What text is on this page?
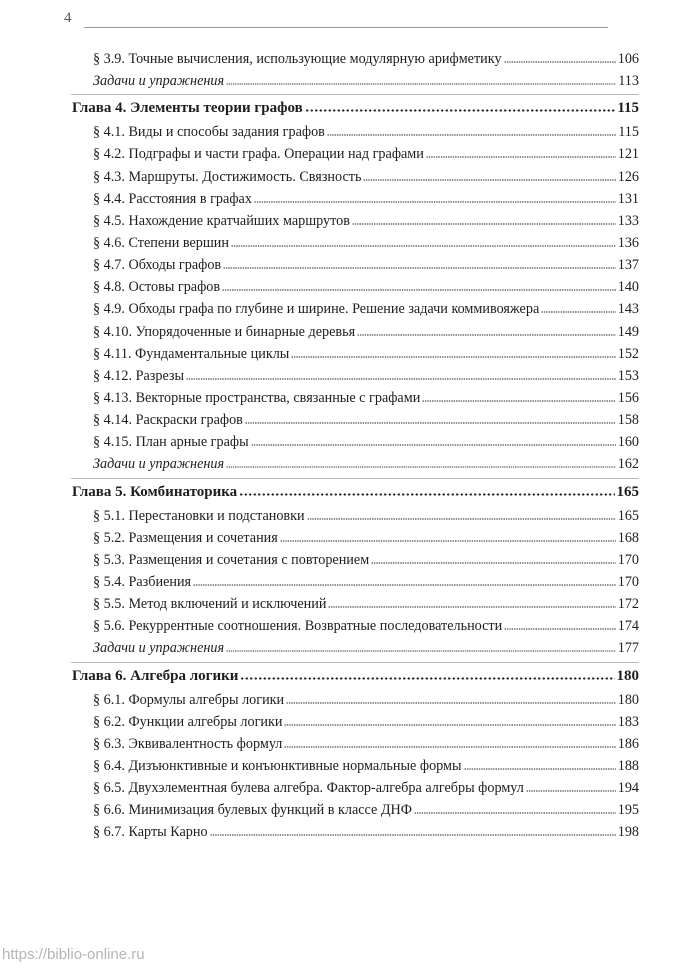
4
§ 3.9. Точные вычисления, использующие модулярную арифметику	106
Задачи и упражнения	113
Глава 4. Элементы теории графов	115
§ 4.1. Виды и способы задания графов	115
§ 4.2. Подграфы и части графа. Операции над графами	121
§ 4.3. Маршруты. Достижимость. Связность	126
§ 4.4. Расстояния в графах	131
§ 4.5. Нахождение кратчайших маршрутов	133
§ 4.6. Степени вершин	136
§ 4.7. Обходы графов	137
§ 4.8. Остовы графов	140
§ 4.9. Обходы графа по глубине и ширине. Решение задачи коммивояжера	143
§ 4.10. Упорядоченные и бинарные деревья	149
§ 4.11. Фундаментальные циклы	152
§ 4.12. Разрезы	153
§ 4.13. Векторные пространства, связанные с графами	156
§ 4.14. Раскраски графов	158
§ 4.15. План арные графы	160
Задачи и упражнения	162
Глава 5. Комбинаторика	165
§ 5.1. Перестановки и подстановки	165
§ 5.2. Размещения и сочетания	168
§ 5.3. Размещения и сочетания с повторением	170
§ 5.4. Разбиения	170
§ 5.5. Метод включений и исключений	172
§ 5.6. Рекуррентные соотношения. Возвратные последовательности	174
Задачи и упражнения	177
Глава 6. Алгебра логики	180
§ 6.1. Формулы алгебры логики	180
§ 6.2. Функции алгебры логики	183
§ 6.3. Эквивалентность формул	186
§ 6.4. Дизъюнктивные и конъюнктивные нормальные формы	188
§ 6.5. Двухэлементная булева алгебра. Фактор-алгебра алгебры формул	194
§ 6.6. Минимизация булевых функций в классе ДНФ	195
§ 6.7. Карты Карно	198
https://biblio-online.ru
